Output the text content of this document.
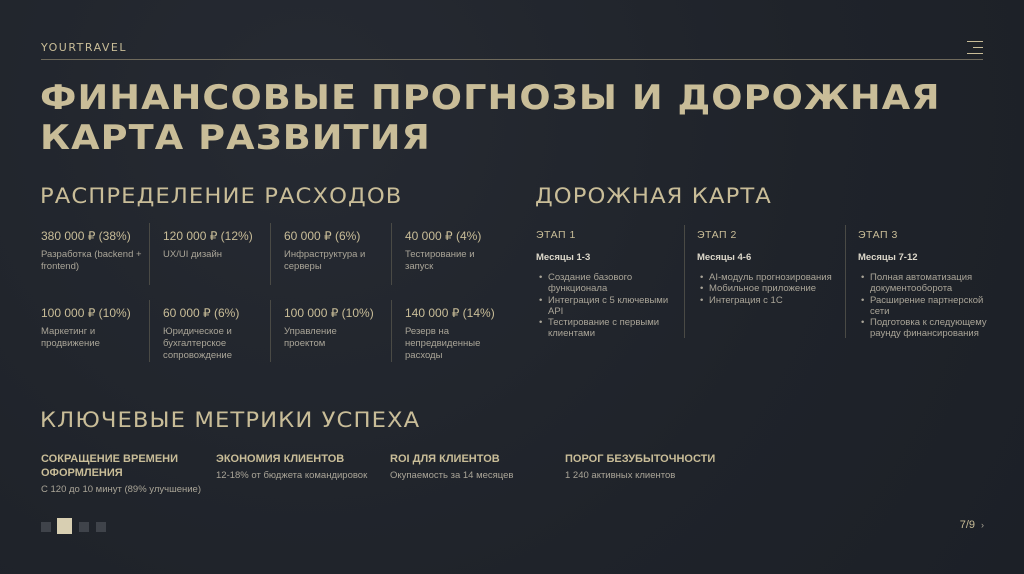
YOURTRAVEL
ФИНАНСОВЫЕ ПРОГНОЗЫ И ДОРОЖНАЯ КАРТА РАЗВИТИЯ
РАСПРЕДЕЛЕНИЕ РАСХОДОВ
380 000 ₽ (38%)
Разработка (backend + frontend)
120 000 ₽ (12%)
UX/UI дизайн
60 000 ₽ (6%)
Инфраструктура и серверы
40 000 ₽ (4%)
Тестирование и запуск
100 000 ₽ (10%)
Маркетинг и продвижение
60 000 ₽ (6%)
Юридическое и бухгалтерское сопровождение
100 000 ₽ (10%)
Управление проектом
140 000 ₽ (14%)
Резерв на непредвиденные расходы
ДОРОЖНАЯ КАРТА
ЭТАП 1
Месяцы 1-3
• Создание базового функционала
• Интеграция с 5 ключевыми API
• Тестирование с первыми клиентами
ЭТАП 2
Месяцы 4-6
• AI-модуль прогнозирования
• Мобильное приложение
• Интеграция с 1С
ЭТАП 3
Месяцы 7-12
• Полная автоматизация документооборота
• Расширение партнерской сети
• Подготовка к следующему раунду финансирования
КЛЮЧЕВЫЕ МЕТРИКИ УСПЕХА
СОКРАЩЕНИЕ ВРЕМЕНИ ОФОРМЛЕНИЯ
С 120 до 10 минут (89% улучшение)
ЭКОНОМИЯ КЛИЕНТОВ
12-18% от бюджета командировок
ROI ДЛЯ КЛИЕНТОВ
Окупаемость за 14 месяцев
ПОРОГ БЕЗУБЫТОЧНОСТИ
1 240 активных клиентов
7/9 ›
